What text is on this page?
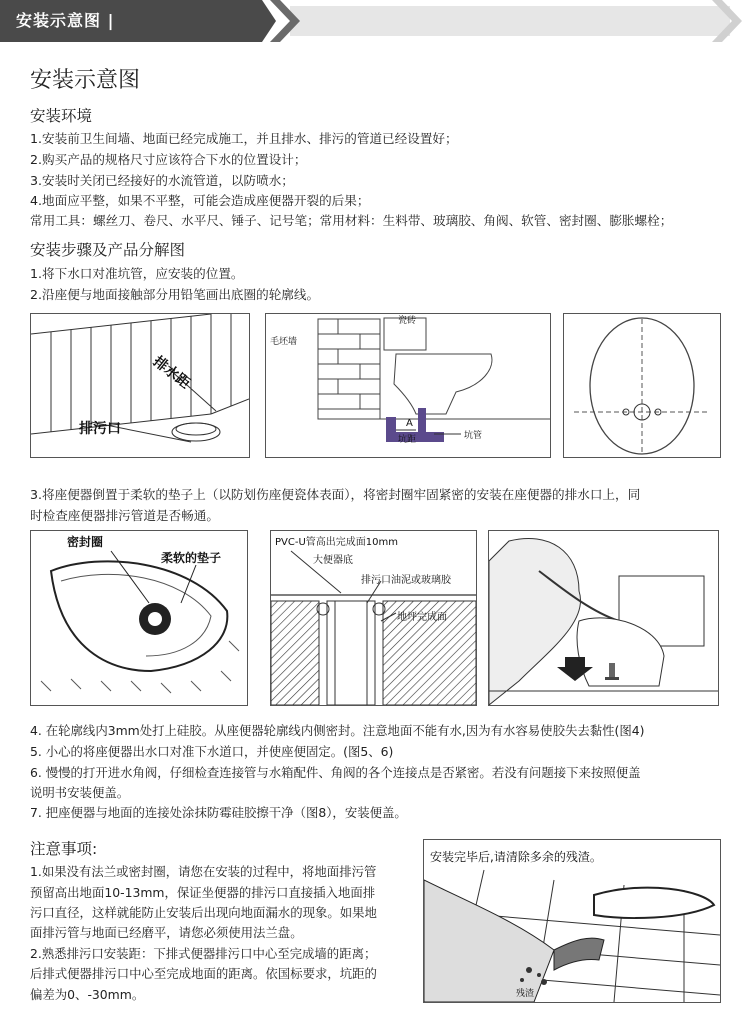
安装示意图 |
安装示意图
安装环境
1.安装前卫生间墙、地面已经完成施工，并且排水、排污的管道已经设置好；
2.购买产品的规格尺寸应该符合下水的位置设计；
3.安装时关闭已经接好的水流管道，以防喷水；
4.地面应平整，如果不平整，可能会造成座便器开裂的后果；
常用工具：螺丝刀、卷尺、水平尺、锤子、记号笔；常用材料：生料带、玻璃胶、角阀、软管、密封圈、膨胀螺栓；
安装步骤及产品分解图
1.将下水口对准坑管，应安装的位置。
2.沿座便与地面接触部分用铅笔画出底圈的轮廓线。
排水距
排污口
毛坯墙
瓷砖
A
坑距	坑管
3.将座便器倒置于柔软的垫子上（以防划伤座便瓷体表面），将密封圈牢固紧密的安装在座便器的排水口上，同
时检查座便器排污管道是否畅通。
密封圈
柔软的垫子
PVC-U管高出完成面10mm
大便器底
排污口油泥或玻璃胶
地坪完成面
4. 在轮廓线内3mm处打上硅胶。从座便器轮廓线内侧密封。注意地面不能有水,因为有水容易使胶失去黏性(图4)
5. 小心的将座便器出水口对准下水道口，并使座便固定。(图5、6)
6. 慢慢的打开进水角阀，仔细检查连接管与水箱配件、角阀的各个连接点是否紧密。若没有问题接下来按照便盖
说明书安装便盖。
7. 把座便器与地面的连接处涂抹防霉硅胶擦干净（图8），安装便盖。
注意事项:
1.如果没有法兰或密封圈，请您在安装的过程中，将地面排污管
预留高出地面10-13mm，保证坐便器的排污口直接插入地面排
污口直径，这样就能防止安装后出现向地面漏水的现象。如果地
面排污管与地面已经磨平，请您必须使用法兰盘。
2.熟悉排污口安装距：下排式便器排污口中心至完成墙的距离；
后排式便器排污口中心至完成地面的距离。依国标要求，坑距的
偏差为0、-30mm。
安装完毕后,请清除多余的残渣。
残渣
